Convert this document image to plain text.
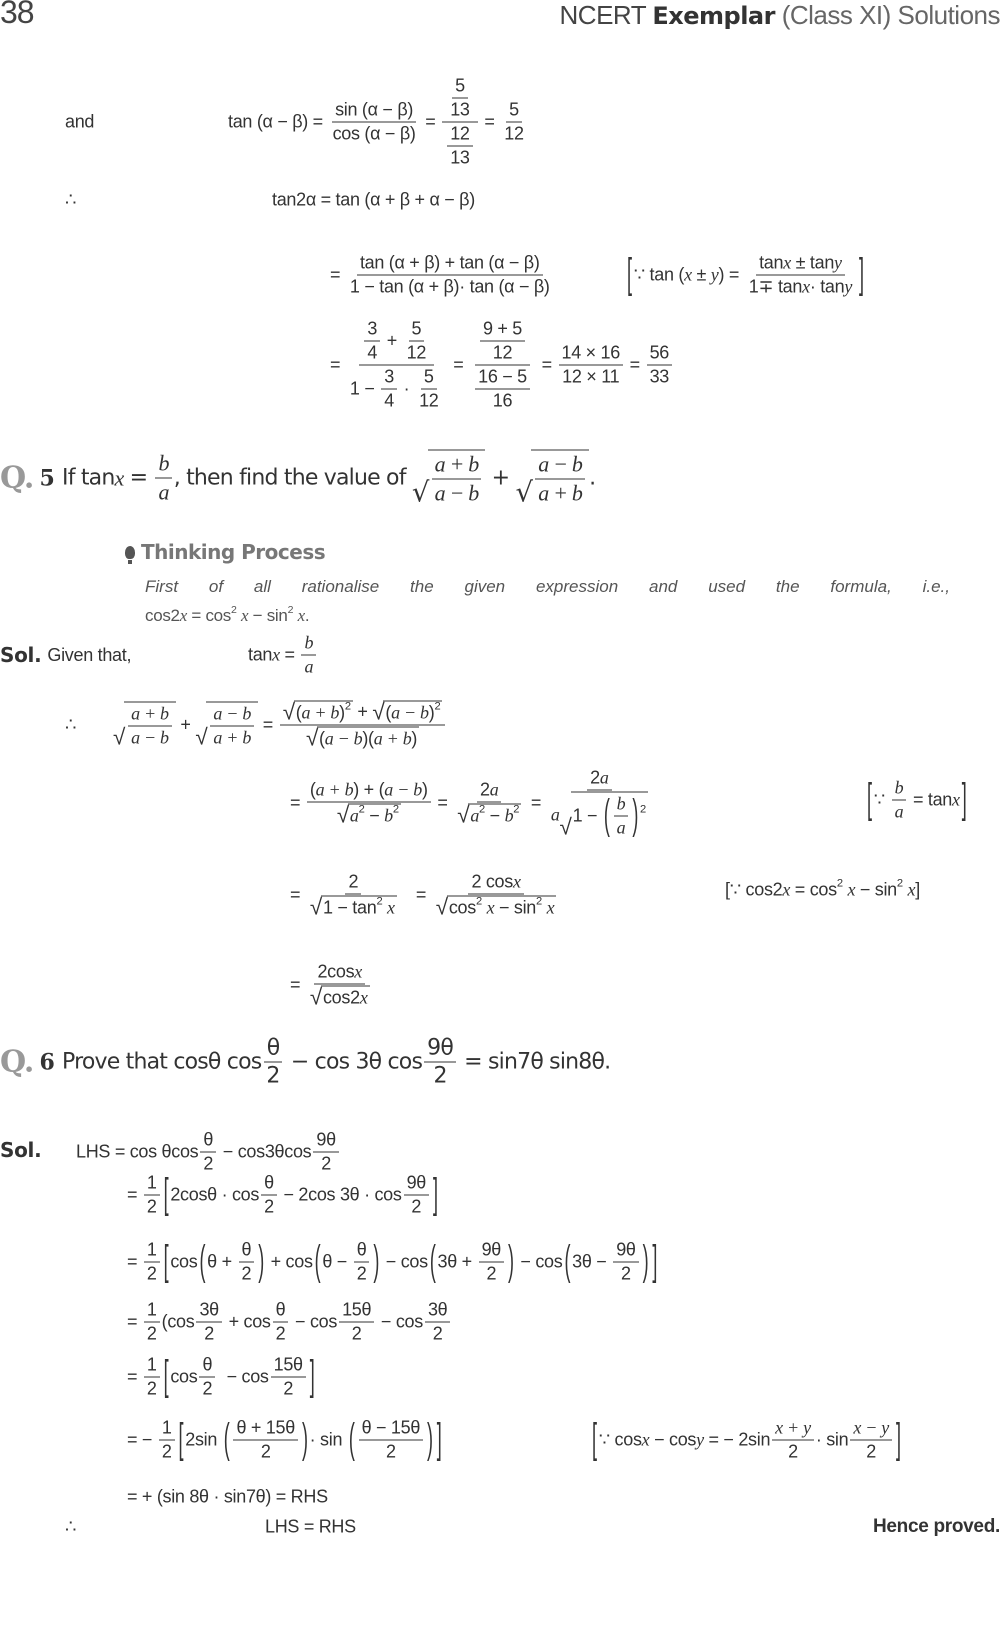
38	NCERT Exemplar (Class XI) Solutions
and	$\tan (\alpha - \beta) = \frac{\sin (\alpha - \beta)}{\cos (\alpha - \beta)} = \frac{\frac{5}{13}}{\frac{12}{13}} = \frac{5}{12}$
∴	tan2α = tan (α + β + α − β)
= $\frac{\tan (\alpha + \beta) + \tan (\alpha - \beta)}{1 - \tan (\alpha + \beta)\cdot \tan (\alpha - \beta)}$	[ ∵ tan ( x ± y ) = $\frac{\text{tan x ± tan y}}{\text{1∓ tan x · tan y}}$ ]
= $\frac{\frac{3}{4} + \frac{5}{12}}{1 - \frac{3}{4} \cdot \frac{5}{12}} = \frac{\frac{9 + 5}{12}}{\frac{16 - 5}{16}} = \frac{14 \times 16}{12 \times 11} = \frac{56}{33}$
Q. 5 If $\tan x = \frac{b}{a}$ , then find the value of √ $\frac{a + b}{a - b}$ + √ $\frac{a - b}{a + b}$ .
Thinking Process
First of all rationalise the given expression and used the formula, i.e.,
cos2 x = cos 2
x − sin 2
x .
Sol. Given that,	$\tan x = \frac{b}{a}$
∴ √ $\frac{a + b}{a - b}$ + √ $\frac{a - b}{a + b} = \frac{√ ( a + b ) 2 + √ ( a - b ) 2}{√ ( a - b )( a + b )}$
= $\frac{( a + b ) + ( a - b )}{√ a 2 - b 2} = \frac{2 a}{√ a 2 - b 2} = \frac{2 a}{a √ 1 - ( \frac{b}{a} ) 2}$	[ ∵ $\frac{b}{a} = \tan x$ ]
= 2
√ 1 − tan 2
x = 2 cos x
√ cos 2
x − sin 2
x	[∵ cos2 x = cos 2
x − sin 2
x ]
= $\frac{\text{2cos x}}{√ \cos 2 x}$
Q. 6 Prove that cosθ $\cos \frac{\theta}{2} - \cos 3\theta$ $\cos \frac{9\theta}{2} = \sin 7\theta$ sin8θ.
Sol. LHS = cos θcos $\frac{\theta}{2} - \cos 3\theta\cos \frac{9\theta}{2}$
= $\frac{1}{2}$ [ $2\cos\theta \cdot \cos \frac{\theta}{2} - 2\cos$ $3\theta \cdot \cos \frac{9\theta}{2}$ ]
= $\frac{1}{2}$ [ cos ( $\theta + \frac{\theta}{2}$ ) + cos ( $\theta - \frac{\theta}{2}$ ) − cos ( $3\theta + \frac{9\theta}{2}$ ) − cos ( $3\theta - \frac{9\theta}{2}$ ) ]
= $\frac{1}{2} (\cos \frac{3\theta}{2} + \cos \frac{\theta}{2} - \cos \frac{15\theta}{2} - \cos \frac{3\theta}{2}$
= $\frac{1}{2}$ [ $\cos \frac{\theta}{2} - \cos \frac{15\theta}{2}$ ]
= − $\frac{1}{2}$ [ 2sin ( $\frac{\theta + 15\theta}{2}$ ) · sin ( $\frac{\theta - 15\theta}{2}$ ) ]	[ ∵ cos x − cos y = − $2\sin \frac{x + y}{2} \cdot \sin \frac{x - y}{2}$ ]
= + (sin 8θ · sin7θ) = RHS
∴	LHS = RHS	Hence proved.
